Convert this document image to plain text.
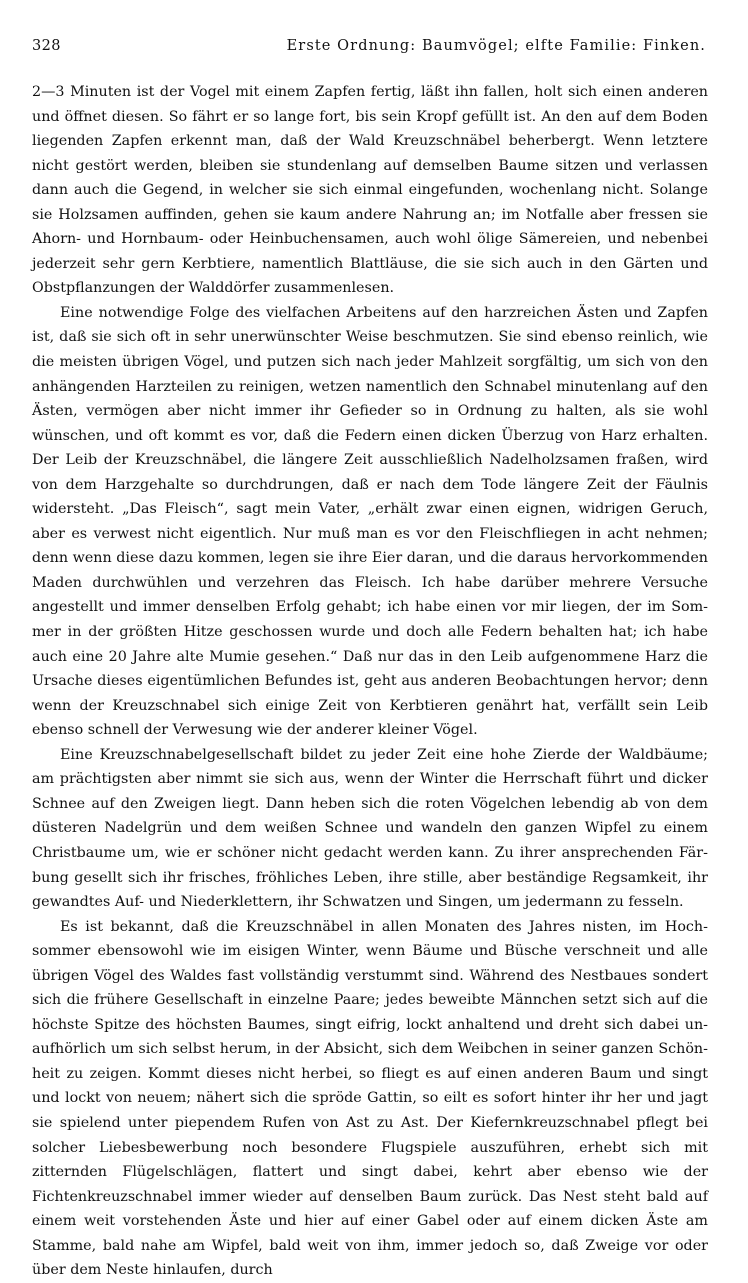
328	Erste Ordnung: Baumvögel; elfte Familie: Finken.

2—3 Minuten ist der Vogel mit einem Zapfen fertig, läßt ihn fallen, holt sich einen anderen und öffnet diesen. So fährt er so lange fort, bis sein Kropf gefüllt ist. An den auf dem Boden liegenden Zapfen erkennt man, daß der Wald Kreuzschnäbel beherbergt. Wenn letztere nicht gestört werden, bleiben sie stundenlang auf demselben Baume sitzen und verlassen dann auch die Gegend, in welcher sie sich einmal eingefunden, wochenlang nicht. Solange sie Holzsamen auffinden, gehen sie kaum andere Nahrung an; im Notfalle aber fressen sie Ahorn- und Hornbaum- oder Heinbuchensamen, auch wohl ölige Sämereien, und nebenbei jederzeit sehr gern Kerbtiere, namentlich Blattläuse, die sie sich auch in den Gärten und Obstpflanzungen der Walddörfer zusammenlesen.

Eine notwendige Folge des vielfachen Arbeitens auf den harzreichen Ästen und Zapfen ist, daß sie sich oft in sehr unerwünschter Weise beschmutzen. Sie sind ebenso reinlich, wie die meisten übrigen Vögel, und putzen sich nach jeder Mahlzeit sorgfältig, um sich von den anhängenden Harzteilen zu reinigen, wetzen namentlich den Schnabel minutenlang auf den Ästen, vermögen aber nicht immer ihr Gefieder so in Ordnung zu halten, als sie wohl wünschen, und oft kommt es vor, daß die Federn einen dicken Überzug von Harz erhalten. Der Leib der Kreuzschnäbel, die längere Zeit ausschließlich Nadelholzsamen fraßen, wird von dem Harzgehalte so durchdrungen, daß er nach dem Tode längere Zeit der Fäulnis widersteht. „Das Fleisch“, sagt mein Vater, „erhält zwar einen eignen, widrigen Geruch, aber es verwest nicht eigentlich. Nur muß man es vor den Fleischfliegen in acht nehmen; denn wenn diese dazu kommen, legen sie ihre Eier daran, und die daraus hervorkommenden Maden durchwühlen und verzehren das Fleisch. Ich habe darüber mehrere Versuche angestellt und immer denselben Erfolg gehabt; ich habe einen vor mir liegen, der im Sommer in der größten Hitze geschossen wurde und doch alle Federn behalten hat; ich habe auch eine 20 Jahre alte Mumie gesehen.“ Daß nur das in den Leib aufgenommene Harz die Ursache dieses eigentümlichen Befundes ist, geht aus anderen Beobachtungen hervor; denn wenn der Kreuzschnabel sich einige Zeit von Kerbtieren genährt hat, verfällt sein Leib ebenso schnell der Verwesung wie der anderer kleiner Vögel.

Eine Kreuzschnabelgesellschaft bildet zu jeder Zeit eine hohe Zierde der Waldbäume; am prächtigsten aber nimmt sie sich aus, wenn der Winter die Herrschaft führt und dicker Schnee auf den Zweigen liegt. Dann heben sich die roten Vögelchen lebendig ab von dem düsteren Nadelgrün und dem weißen Schnee und wandeln den ganzen Wipfel zu einem Christbaume um, wie er schöner nicht gedacht werden kann. Zu ihrer ansprechenden Färbung gesellt sich ihr frisches, fröhliches Leben, ihre stille, aber beständige Regsamkeit, ihr gewandtes Auf- und Niederklettern, ihr Schwatzen und Singen, um jedermann zu fesseln.

Es ist bekannt, daß die Kreuzschnäbel in allen Monaten des Jahres nisten, im Hochsommer ebensowohl wie im eisigen Winter, wenn Bäume und Büsche verschneit und alle übrigen Vögel des Waldes fast vollständig verstummt sind. Während des Nestbaues sondert sich die frühere Gesellschaft in einzelne Paare; jedes beweibte Männchen setzt sich auf die höchste Spitze des höchsten Baumes, singt eifrig, lockt anhaltend und dreht sich dabei unaufhörlich um sich selbst herum, in der Absicht, sich dem Weibchen in seiner ganzen Schönheit zu zeigen. Kommt dieses nicht herbei, so fliegt es auf einen anderen Baum und singt und lockt von neuem; nähert sich die spröde Gattin, so eilt es sofort hinter ihr her und jagt sie spielend unter piependem Rufen von Ast zu Ast. Der Kiefernkreuzschnabel pflegt bei solcher Liebesbewerbung noch besondere Flugspiele auszuführen, erhebt sich mit zitternden Flügelschlägen, flattert und singt dabei, kehrt aber ebenso wie der Fichtenkreuzschnabel immer wieder auf denselben Baum zurück. Das Nest steht bald auf einem weit vorstehenden Äste und hier auf einer Gabel oder auf einem dicken Äste am Stamme, bald nahe am Wipfel, bald weit von ihm, immer jedoch so, daß Zweige vor oder über dem Neste hinlaufen, durch
